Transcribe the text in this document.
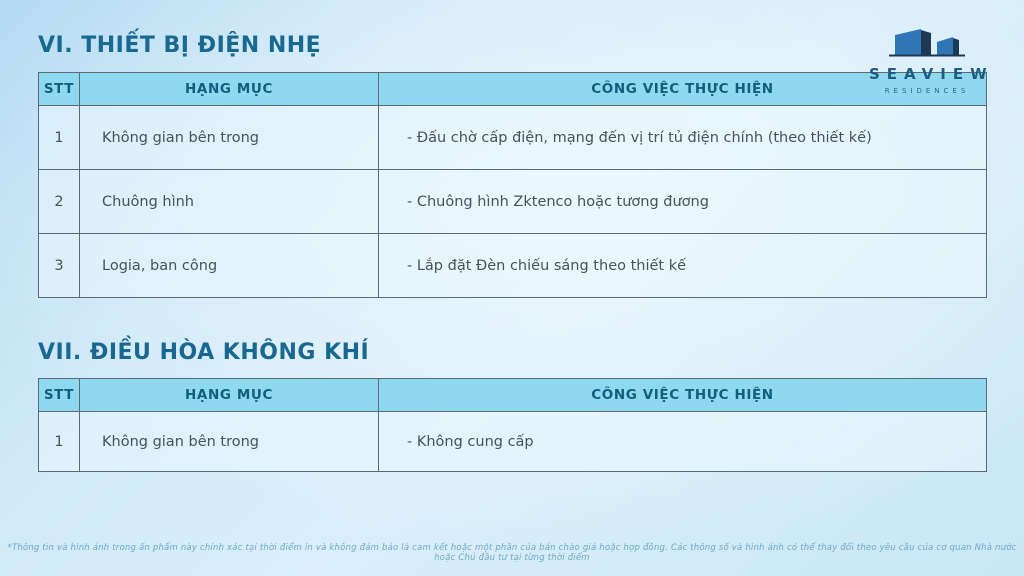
SEAVIEW
RESIDENCES
VI. THIẾT BỊ ĐIỆN NHẸ
STT	HẠNG MỤC	CÔNG VIỆC THỰC HIỆN
1	Không gian bên trong	- Đấu chờ cấp điện, mạng đến vị trí tủ điện chính (theo thiết kế)
2	Chuông hình	- Chuông hình Zktenco hoặc tương đương
3	Logia, ban công	- Lắp đặt Đèn chiếu sáng theo thiết kế
VII. ĐIỀU HÒA KHÔNG KHÍ
STT	HẠNG MỤC	CÔNG VIỆC THỰC HIỆN
1	Không gian bên trong	- Không cung cấp
*Thông tin và hình ảnh trong ấn phẩm này chính xác tại thời điểm in và không đảm bảo là cam kết hoặc một phần của bản chào giá hoặc hợp đồng. Các thông số và hình ảnh có thể thay đổi theo yêu cầu của cơ quan Nhà nước hoặc Chủ đầu tư tại từng thời điểm
